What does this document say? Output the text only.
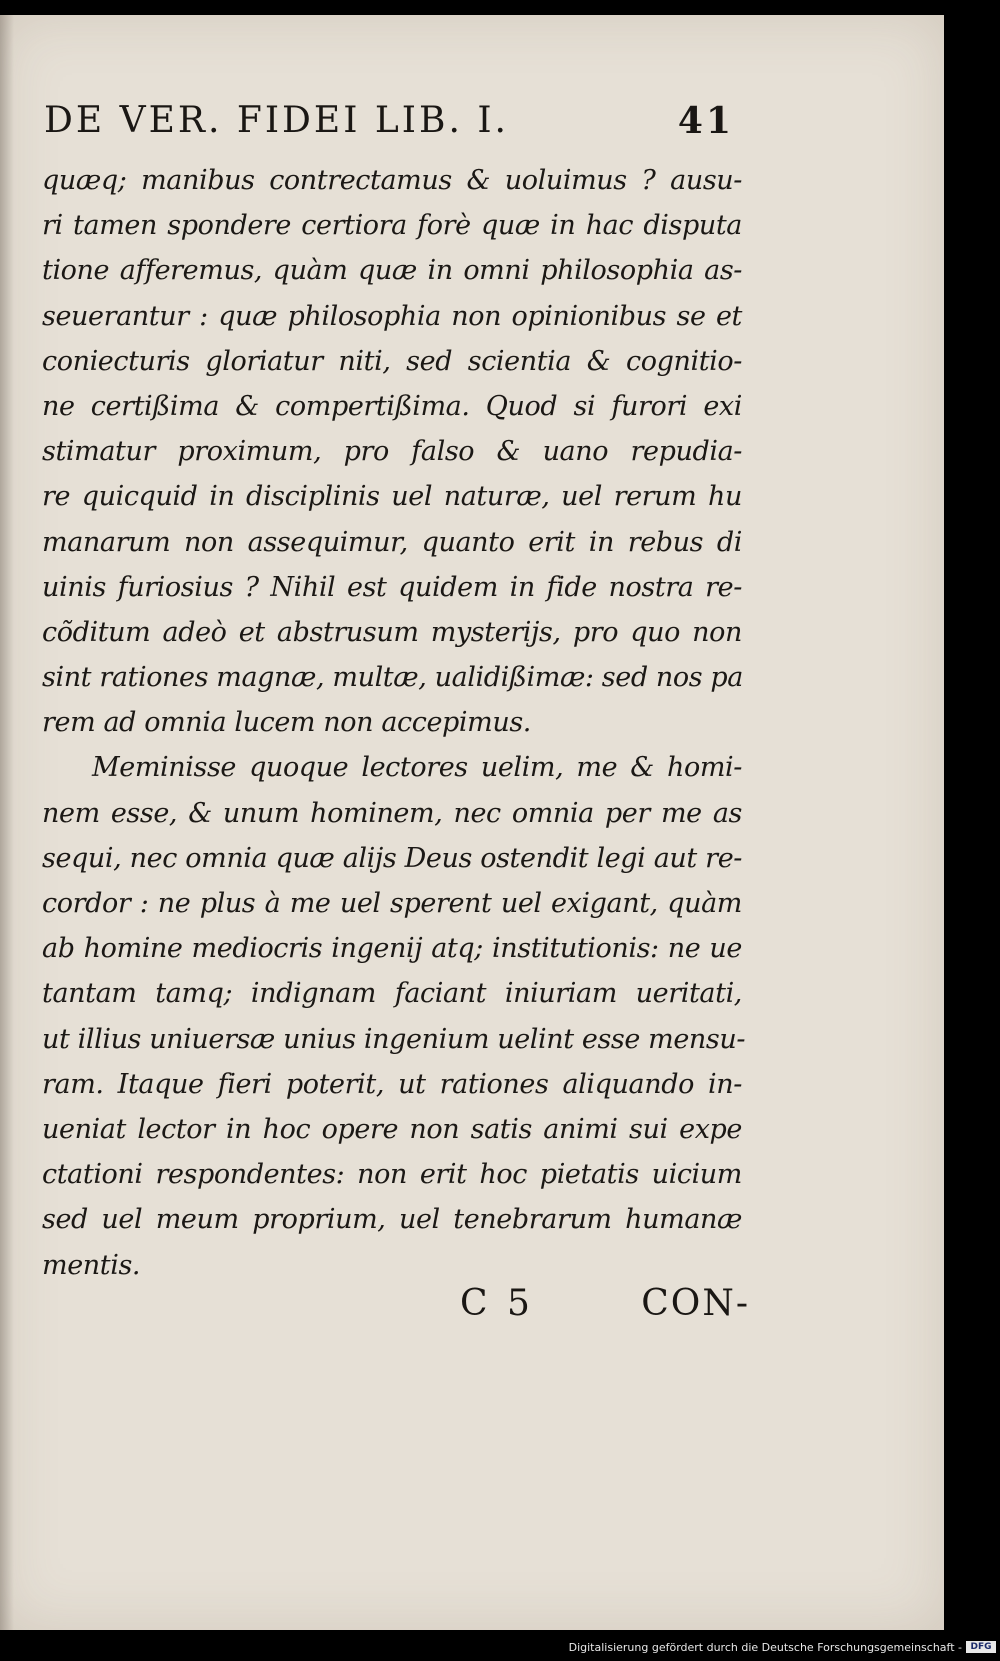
DE VER. FIDEI LIB. I.	41
quæq; manibus contrectamus & uoluimus ? ausu-
ri tamen spondere certiora forè quæ in hac disputa
tione afferemus, quàm quæ in omni philosophia as-
seuerantur : quæ philosophia non opinionibus se et
coniecturis gloriatur niti, sed scientia & cognitio-
ne certißima & compertißima. Quod si furori exi
stimatur proximum, pro falso & uano repudia-
re quicquid in disciplinis uel naturæ, uel rerum hu
manarum non assequimur, quanto erit in rebus di
uinis furiosius ? Nihil est quidem in fide nostra re-
cõditum adeò et abstrusum mysterijs, pro quo non
sint rationes magnæ, multæ, ualidißimæ: sed nos pa
rem ad omnia lucem non accepimus.
Meminisse quoque lectores uelim, me & homi-
nem esse, & unum hominem, nec omnia per me as
sequi, nec omnia quæ alijs Deus ostendit legi aut re-
cordor : ne plus à me uel sperent uel exigant, quàm
ab homine mediocris ingenij atq; institutionis: ne ue
tantam tamq; indignam faciant iniuriam ueritati,
ut illius uniuersæ unius ingenium uelint esse mensu-
ram. Itaque fieri poterit, ut rationes aliquando in-
ueniat lector in hoc opere non satis animi sui expe
ctationi respondentes: non erit hoc pietatis uicium
sed uel meum proprium, uel tenebrarum humanæ
mentis.
C 5	CON-
Digitalisierung gefördert durch die Deutsche Forschungsgemeinschaft - DFG
